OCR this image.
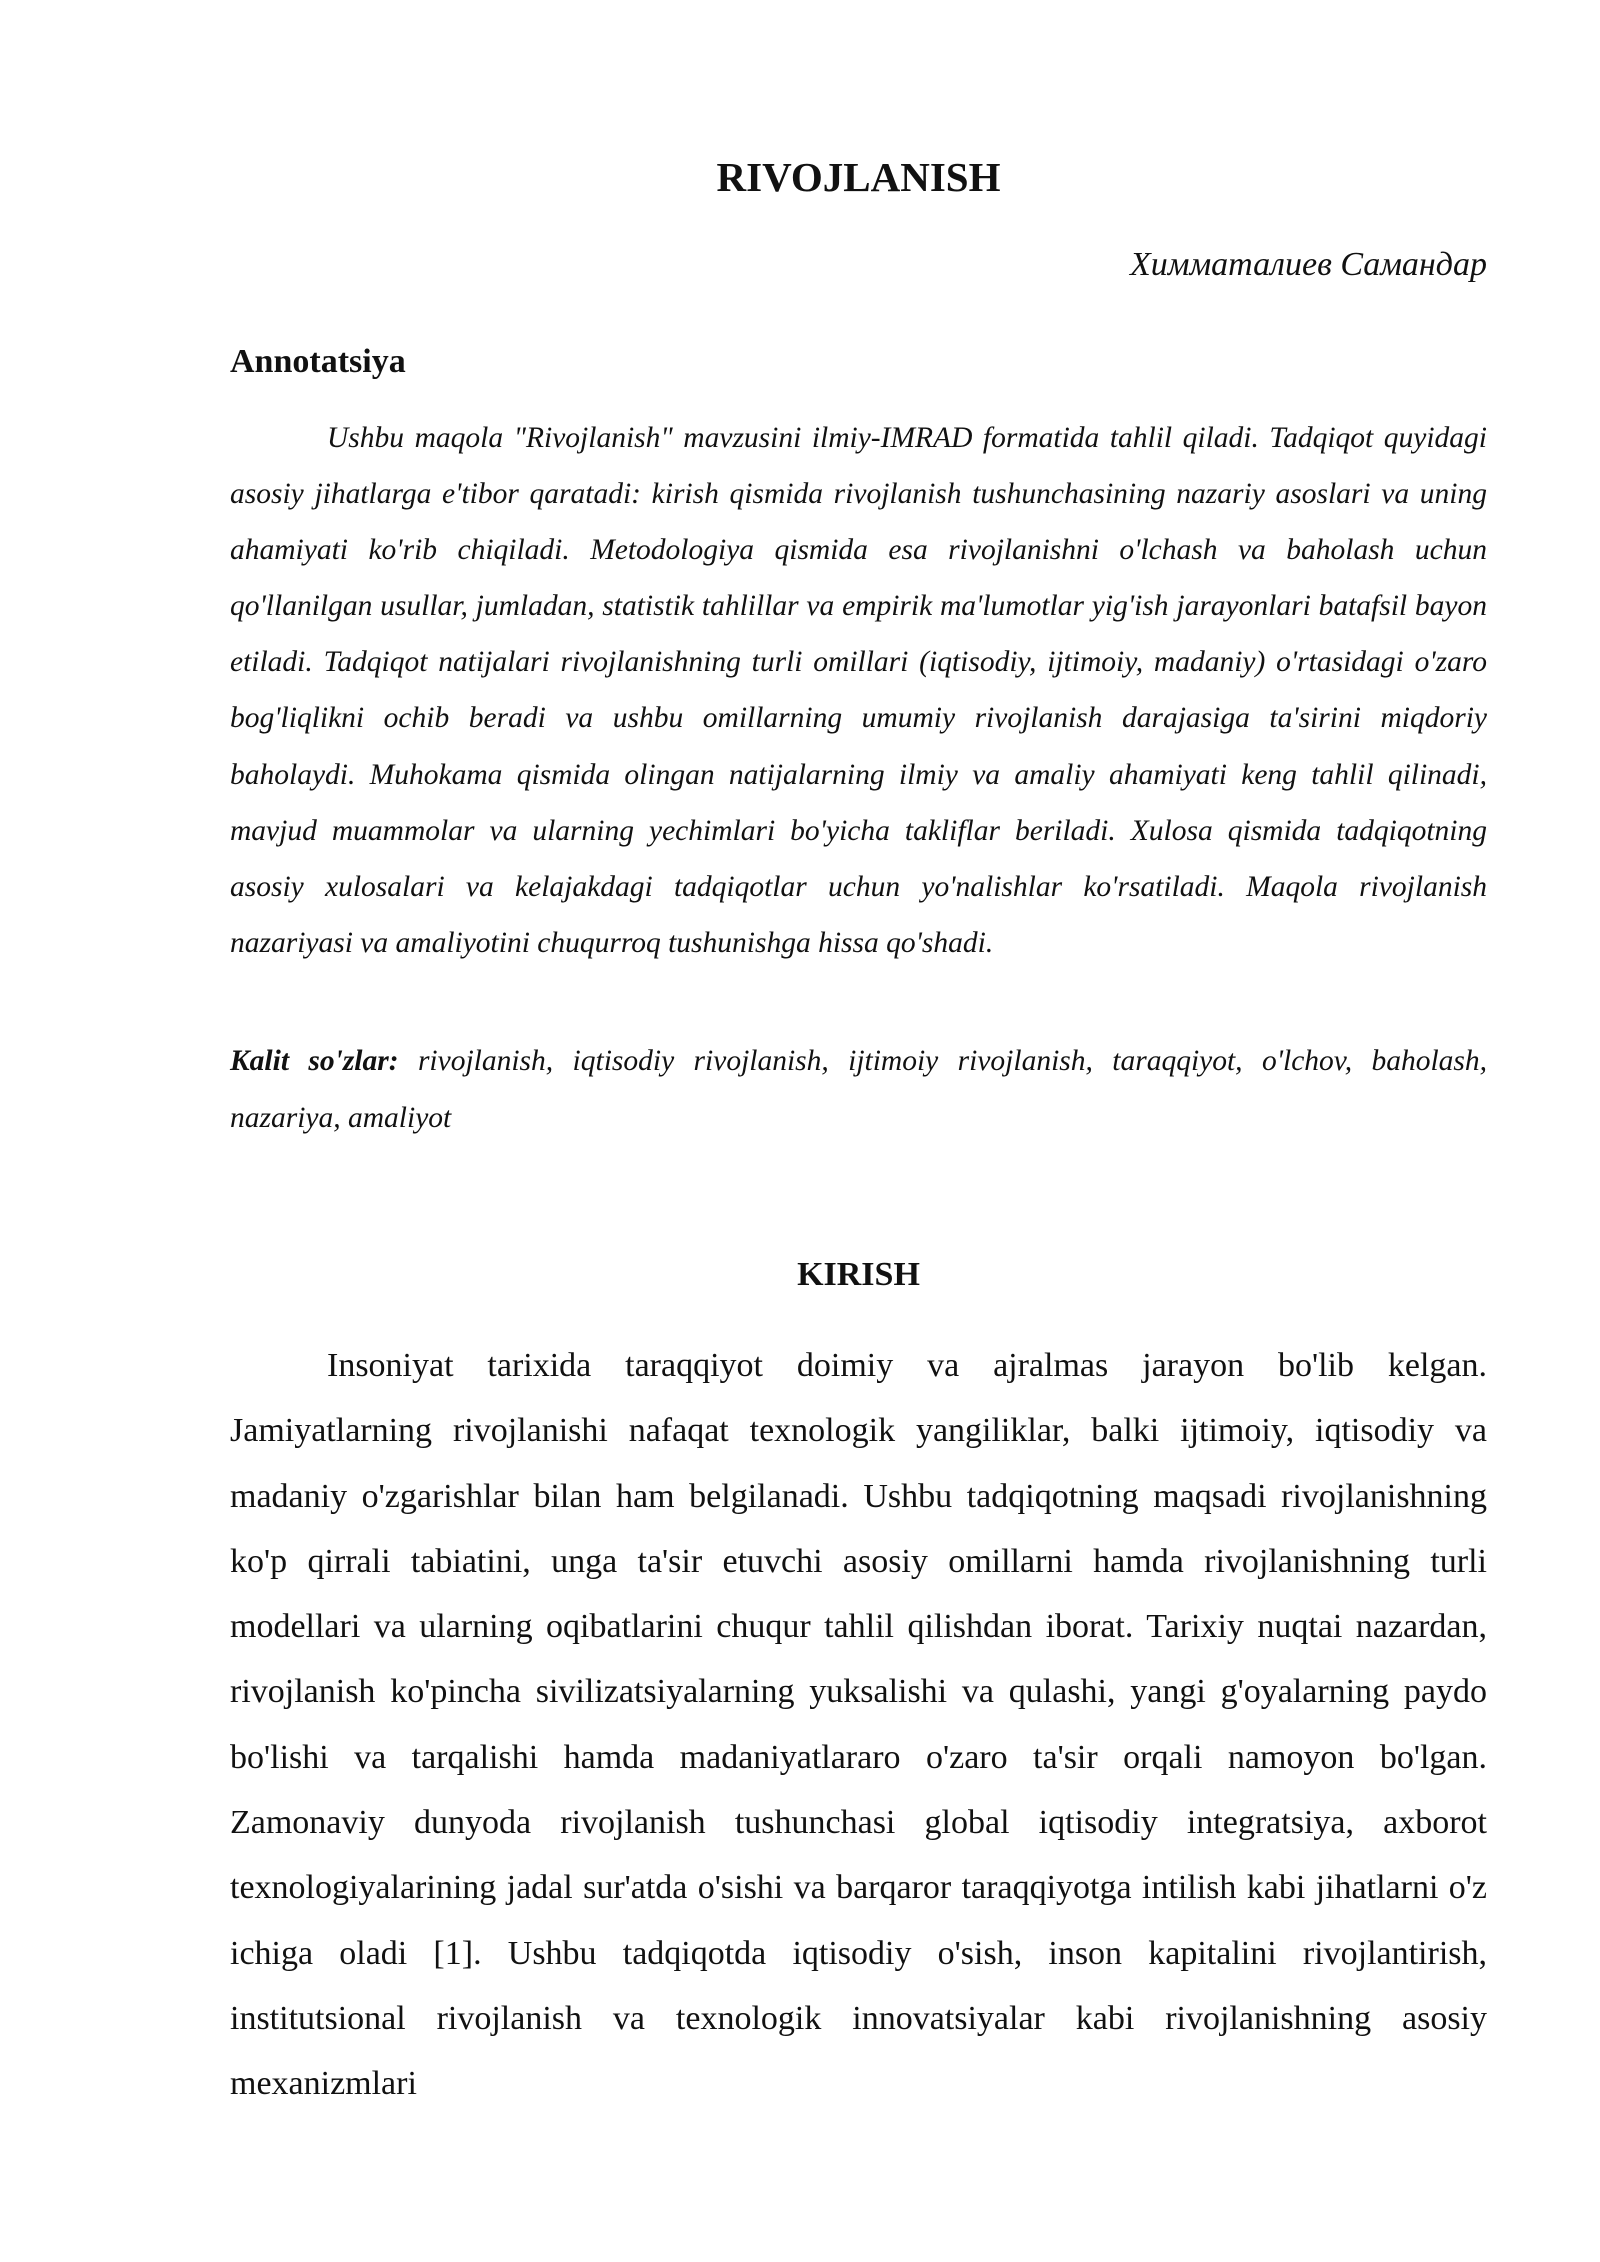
RIVOJLANISH

Химматалиев Самандар

Annotatsiya

Ushbu maqola "Rivojlanish" mavzusini ilmiy-IMRAD formatida tahlil qiladi. Tadqiqot quyidagi asosiy jihatlarga e'tibor qaratadi: kirish qismida rivojlanish tushunchasining nazariy asoslari va uning ahamiyati ko'rib chiqiladi. Metodologiya qismida esa rivojlanishni o'lchash va baholash uchun qo'llanilgan usullar, jumladan, statistik tahlillar va empirik ma'lumotlar yig'ish jarayonlari batafsil bayon etiladi. Tadqiqot natijalari rivojlanishning turli omillari (iqtisodiy, ijtimoiy, madaniy) o'rtasidagi o'zaro bog'liqlikni ochib beradi va ushbu omillarning umumiy rivojlanish darajasiga ta'sirini miqdoriy baholaydi. Muhokama qismida olingan natijalarning ilmiy va amaliy ahamiyati keng tahlil qilinadi, mavjud muammolar va ularning yechimlari bo'yicha takliflar beriladi. Xulosa qismida tadqiqotning asosiy xulosalari va kelajakdagi tadqiqotlar uchun yo'nalishlar ko'rsatiladi. Maqola rivojlanish nazariyasi va amaliyotini chuqurroq tushunishga hissa qo'shadi.

Kalit so'zlar: rivojlanish, iqtisodiy rivojlanish, ijtimoiy rivojlanish, taraqqiyot, o'lchov, baholash, nazariya, amaliyot

KIRISH

Insoniyat tarixida taraqqiyot doimiy va ajralmas jarayon bo'lib kelgan. Jamiyatlarning rivojlanishi nafaqat texnologik yangiliklar, balki ijtimoiy, iqtisodiy va madaniy o'zgarishlar bilan ham belgilanadi. Ushbu tadqiqotning maqsadi rivojlanishning ko'p qirrali tabiatini, unga ta'sir etuvchi asosiy omillarni hamda rivojlanishning turli modellari va ularning oqibatlarini chuqur tahlil qilishdan iborat. Tarixiy nuqtai nazardan, rivojlanish ko'pincha sivilizatsiyalarning yuksalishi va qulashi, yangi g'oyalarning paydo bo'lishi va tarqalishi hamda madaniyatlararo o'zaro ta'sir orqali namoyon bo'lgan. Zamonaviy dunyoda rivojlanish tushunchasi global iqtisodiy integratsiya, axborot texnologiyalarining jadal sur'atda o'sishi va barqaror taraqqiyotga intilish kabi jihatlarni o'z ichiga oladi [1]. Ushbu tadqiqotda iqtisodiy o'sish, inson kapitalini rivojlantirish, institutsional rivojlanish va texnologik innovatsiyalar kabi rivojlanishning asosiy mexanizmlari
